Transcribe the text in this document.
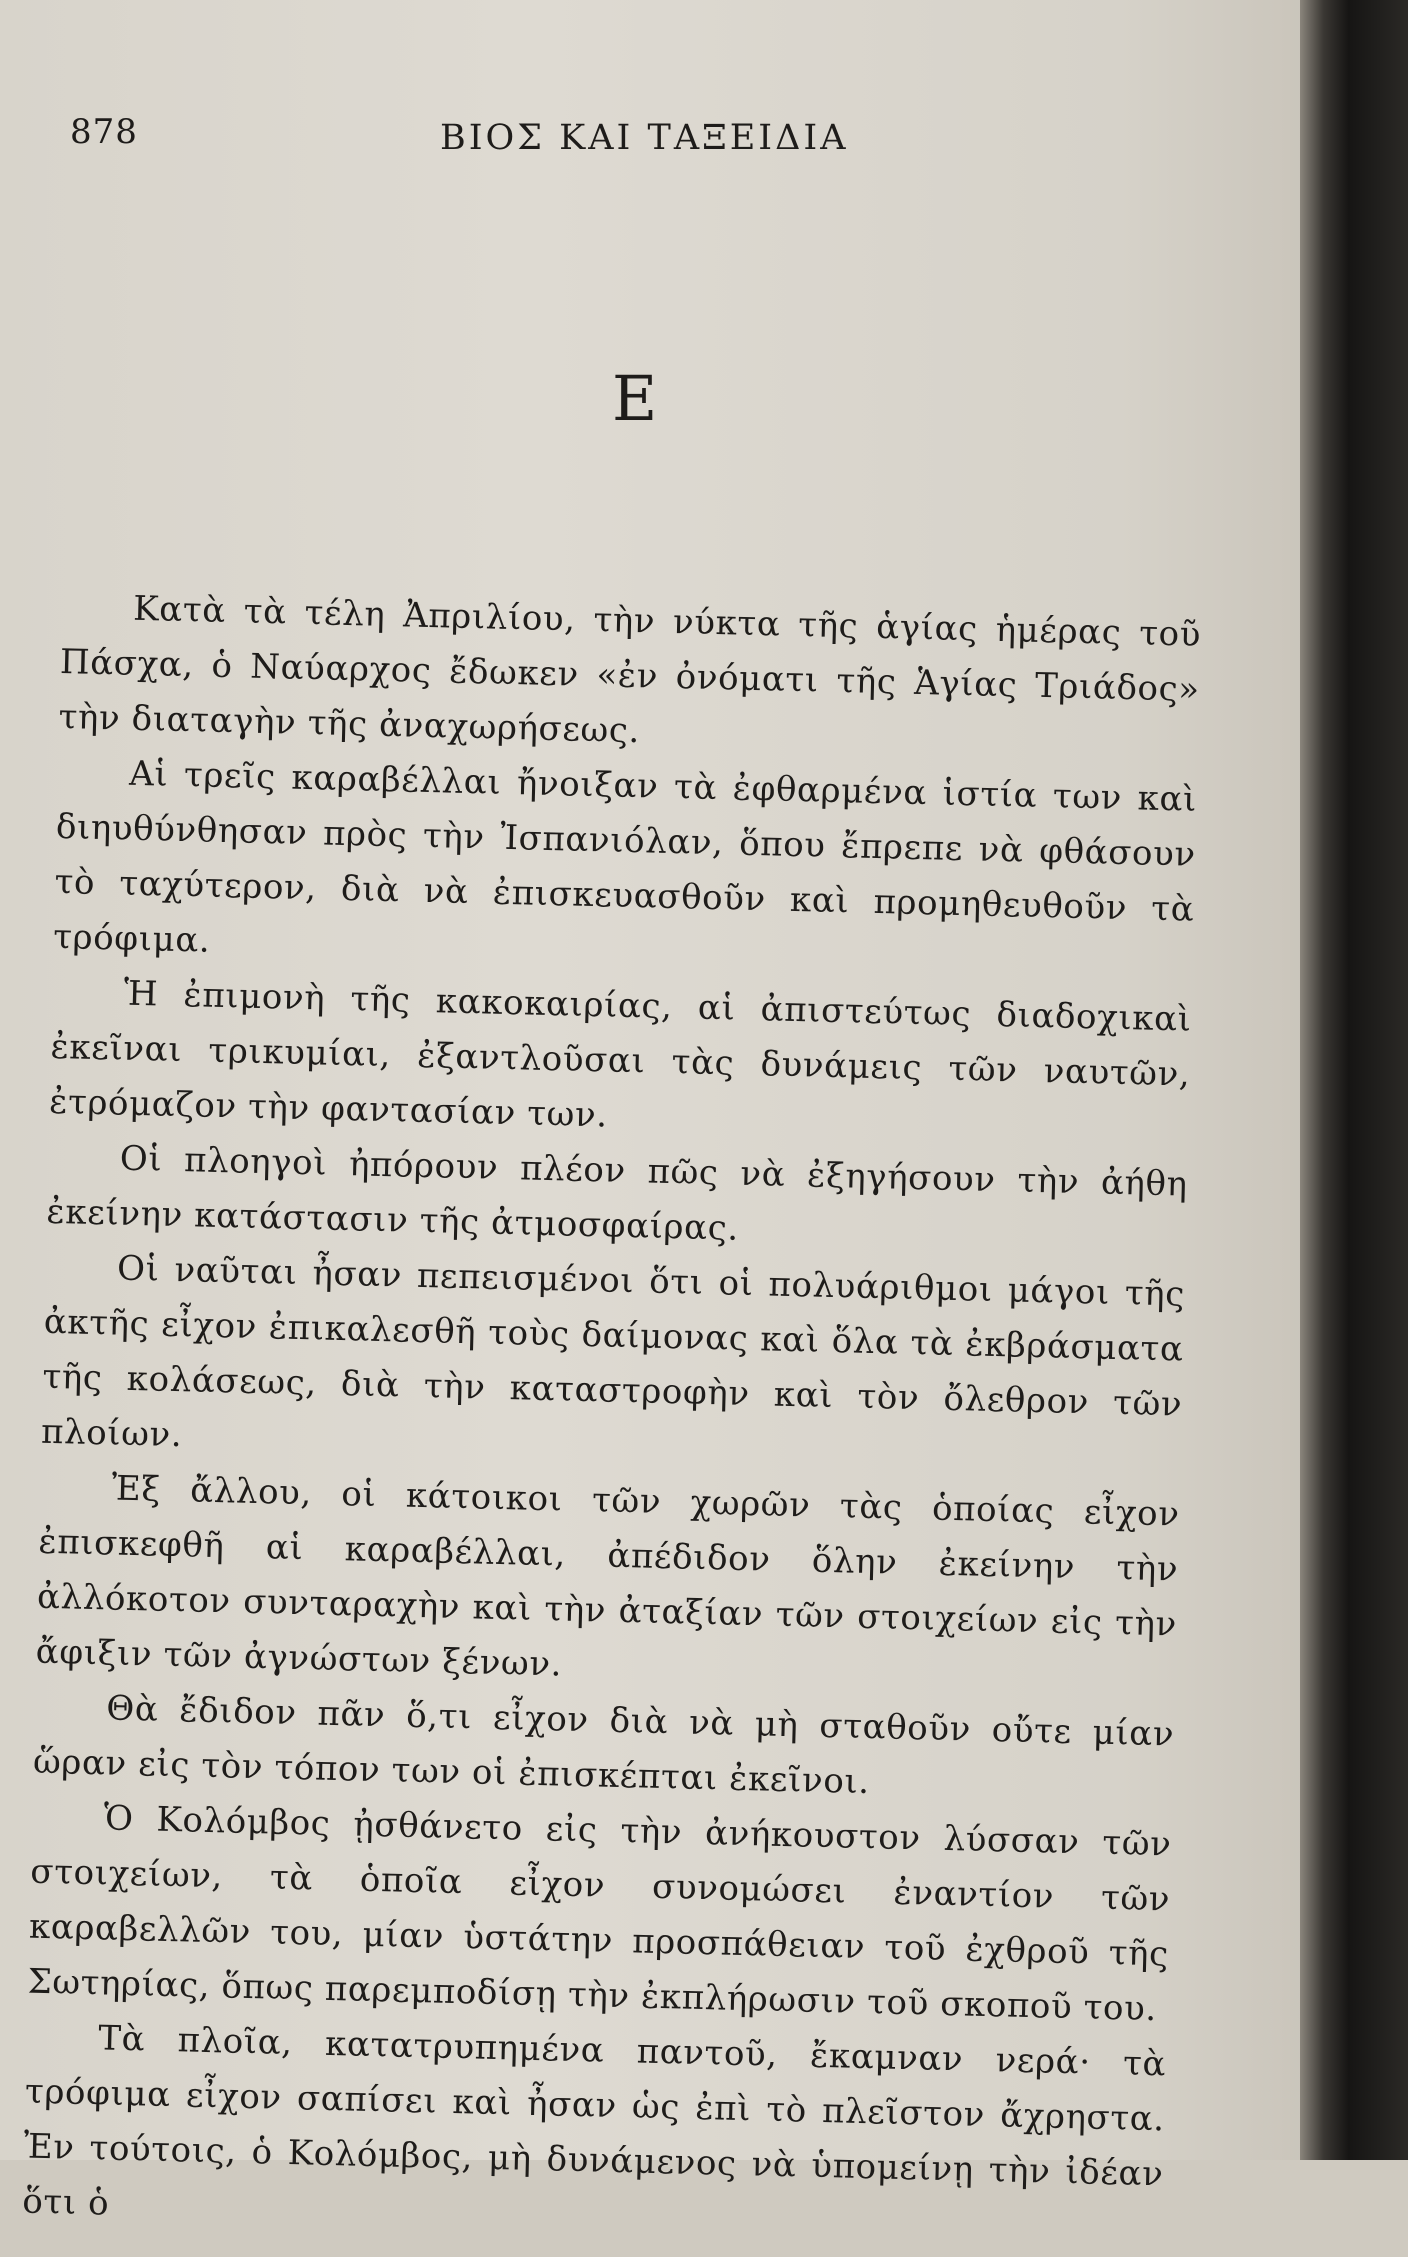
878	ΒΙΟΣ ΚΑΙ ΤΑΞΕΙΔΙΑ
Ε

Κατὰ τὰ τέλη Ἀπριλίου, τὴν νύκτα τῆς ἁγίας ἡμέρας τοῦ Πάσχα, ὁ Ναύαρχος ἔδωκεν «ἐν ὀνόματι τῆς Ἁγίας Τριάδος» τὴν διαταγὴν τῆς ἀναχωρήσεως.

Αἱ τρεῖς καραβέλλαι ἤνοιξαν τὰ ἐφθαρμένα ἱστία των καὶ διηυθύνθησαν πρὸς τὴν Ἰσπανιόλαν, ὅπου ἔπρεπε νὰ φθάσουν τὸ ταχύτερον, διὰ νὰ ἐπισκευασθοῦν καὶ προμηθευθοῦν τὰ τρόφιμα.

Ἡ ἐπιμονὴ τῆς κακοκαιρίας, αἱ ἀπιστεύτως διαδοχικαὶ ἐκεῖναι τρικυμίαι, ἐξαντλοῦσαι τὰς δυνάμεις τῶν ναυτῶν, ἐτρόμαζον τὴν φαντασίαν των.

Οἱ πλοηγοὶ ἠπόρουν πλέον πῶς νὰ ἐξηγήσουν τὴν ἀήθη ἐκείνην κατάστασιν τῆς ἀτμοσφαίρας.

Οἱ ναῦται ἦσαν πεπεισμένοι ὅτι οἱ πολυάριθμοι μάγοι τῆς ἀκτῆς εἶχον ἐπικαλεσθῆ τοὺς δαίμονας καὶ ὅλα τὰ ἐκβράσματα τῆς κολάσεως, διὰ τὴν καταστροφὴν καὶ τὸν ὄλεθρον τῶν πλοίων.

Ἐξ ἄλλου, οἱ κάτοικοι τῶν χωρῶν τὰς ὁποίας εἶχον ἐπισκεφθῆ αἱ καραβέλλαι, ἀπέδιδον ὅλην ἐκείνην τὴν ἀλλόκοτον συνταραχὴν καὶ τὴν ἀταξίαν τῶν στοιχείων εἰς τὴν ἄφιξιν τῶν ἀγνώστων ξένων.

Θὰ ἔδιδον πᾶν ὅ,τι εἶχον διὰ νὰ μὴ σταθοῦν οὔτε μίαν ὥραν εἰς τὸν τόπον των οἱ ἐπισκέπται ἐκεῖνοι.

Ὁ Κολόμβος ᾐσθάνετο εἰς τὴν ἀνήκουστον λύσσαν τῶν στοιχείων, τὰ ὁποῖα εἶχον συνομώσει ἐναντίον τῶν καραβελλῶν του, μίαν ὑστάτην προσπάθειαν τοῦ ἐχθροῦ τῆς Σωτηρίας, ὅπως παρεμποδίσῃ τὴν ἐκπλήρωσιν τοῦ σκοποῦ του.

Τὰ πλοῖα, κατατρυπημένα παντοῦ, ἔκαμναν νερά· τὰ τρόφιμα εἶχον σαπίσει καὶ ἦσαν ὡς ἐπὶ τὸ πλεῖστον ἄχρηστα. Ἐν τούτοις, ὁ Κολόμβος, μὴ δυνάμενος νὰ ὑπομείνῃ τὴν ἰδέαν ὅτι ὁ
